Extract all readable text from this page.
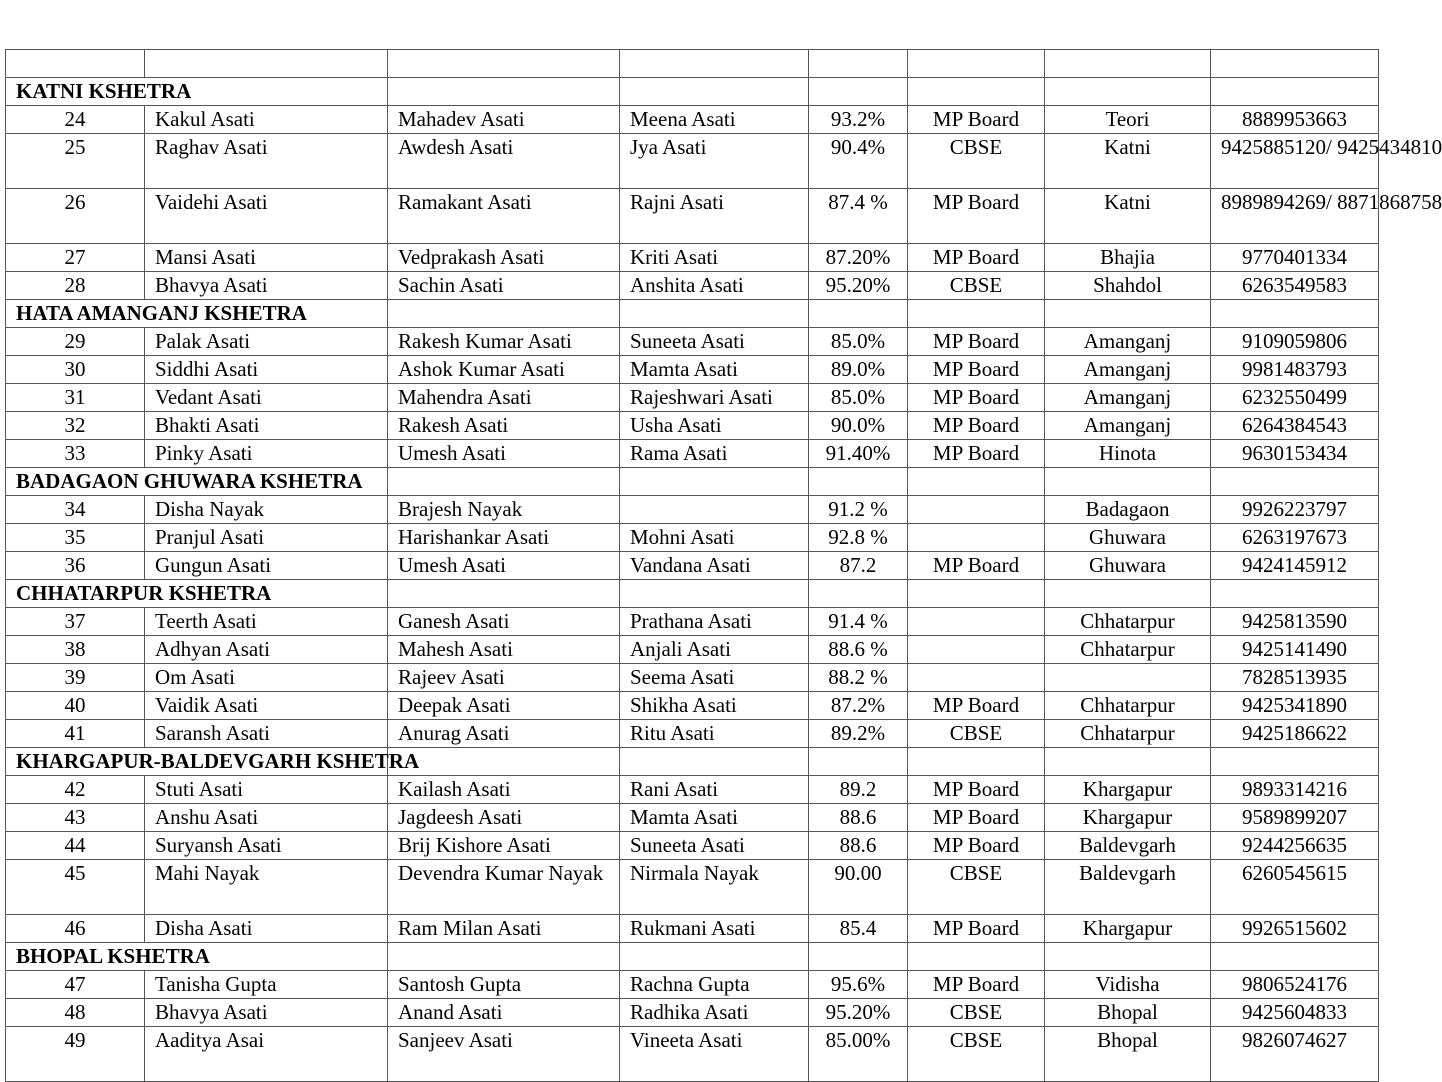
KATNI KSHETRA							
24	Kakul Asati	Mahadev Asati	Meena Asati	93.2%	MP Board	Teori	8889953663
25	Raghav Asati	Awdesh Asati	Jya Asati	90.4%	CBSE	Katni	9425885120/ 9425434810
26	Vaidehi Asati	Ramakant Asati	Rajni Asati	87.4 %	MP Board	Katni	8989894269/ 8871868758
27	Mansi Asati	Vedprakash Asati	Kriti Asati	87.20%	MP Board	Bhajia	9770401334
28	Bhavya Asati	Sachin Asati	Anshita Asati	95.20%	CBSE	Shahdol	6263549583
HATA AMANGANJ KSHETRA							
29	Palak Asati	Rakesh Kumar Asati	Suneeta Asati	85.0%	MP Board	Amanganj	9109059806
30	Siddhi Asati	Ashok Kumar Asati	Mamta Asati	89.0%	MP Board	Amanganj	9981483793
31	Vedant Asati	Mahendra Asati	Rajeshwari Asati	85.0%	MP Board	Amanganj	6232550499
32	Bhakti Asati	Rakesh Asati	Usha Asati	90.0%	MP Board	Amanganj	6264384543
33	Pinky Asati	Umesh Asati	Rama Asati	91.40%	MP Board	Hinota	9630153434
BADAGAON GHUWARA KSHETRA							
34	Disha Nayak	Brajesh Nayak		91.2 %		Badagaon	9926223797
35	Pranjul Asati	Harishankar Asati	Mohni Asati	92.8 %		Ghuwara	6263197673
36	Gungun Asati	Umesh Asati	Vandana Asati	87.2	MP Board	Ghuwara	9424145912
CHHATARPUR KSHETRA							
37	Teerth Asati	Ganesh Asati	Prathana Asati	91.4 %		Chhatarpur	9425813590
38	Adhyan Asati	Mahesh Asati	Anjali Asati	88.6 %		Chhatarpur	9425141490
39	Om Asati	Rajeev Asati	Seema Asati	88.2 %			7828513935
40	Vaidik Asati	Deepak Asati	Shikha Asati	87.2%	MP Board	Chhatarpur	9425341890
41	Saransh Asati	Anurag Asati	Ritu Asati	89.2%	CBSE	Chhatarpur	9425186622
KHARGAPUR-BALDEVGARH KSHETRA							
42	Stuti Asati	Kailash Asati	Rani Asati	89.2	MP Board	Khargapur	9893314216
43	Anshu Asati	Jagdeesh Asati	Mamta Asati	88.6	MP Board	Khargapur	9589899207
44	Suryansh Asati	Brij Kishore Asati	Suneeta Asati	88.6	MP Board	Baldevgarh	9244256635
45	Mahi Nayak	Devendra Kumar Nayak	Nirmala Nayak	90.00	CBSE	Baldevgarh	6260545615
46	Disha Asati	Ram Milan Asati	Rukmani Asati	85.4	MP Board	Khargapur	9926515602
BHOPAL KSHETRA							
47	Tanisha Gupta	Santosh Gupta	Rachna Gupta	95.6%	MP Board	Vidisha	9806524176
48	Bhavya Asati	Anand Asati	Radhika Asati	95.20%	CBSE	Bhopal	9425604833
49	Aaditya Asai	Sanjeev Asati	Vineeta Asati	85.00%	CBSE	Bhopal	9826074627
